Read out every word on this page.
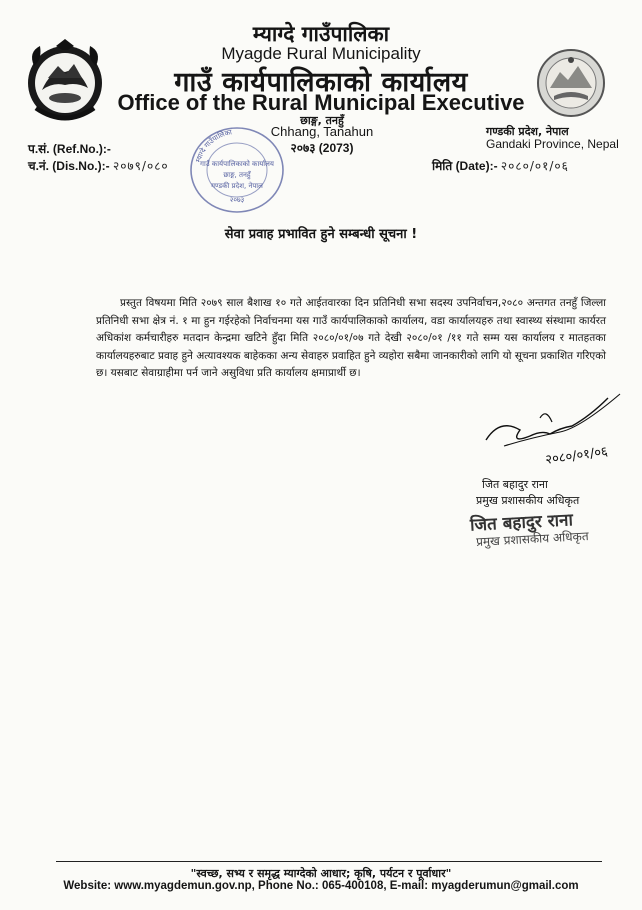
म्याग्दे गाउँपालिका
Myagde Rural Municipality
गाउँ कार्यपालिकाको कार्यालय
Office of the Rural Municipal Executive
छाङ्ग, तनहुँ
Chhang, Tanahun
२०७३ (2073)
गण्डकी प्रदेश, नेपाल
Gandaki Province, Nepal
म्याग्दे गाउँपालिका
गाउँ कार्यपालिकाको कार्यालय
छाङ्ग, तनहुँ
गण्डकी प्रदेश, नेपाल
२०७३
प.सं. (Ref.No.):-
च.नं. (Dis.No.):- २०७९/०८०	मिति (Date):- २०८०/०१/०६
सेवा प्रवाह प्रभावित हुने सम्बन्धी सूचना !
प्रस्तुत विषयमा मिति २०७९ साल बैशाख १० गते आईतवारका दिन प्रतिनिधी सभा सदस्य उपनिर्वाचन,२०८० अन्तगत तनहुँ जिल्ला प्रतिनिधी सभा क्षेत्र नं. १ मा हुन गईरहेको निर्वाचनमा यस गाउँ कार्यपालिकाको कार्यालय, वडा कार्यालयहरु तथा स्वास्थ्य संस्थामा कार्यरत अधिकांश कर्मचारीहरु मतदान केन्द्रमा खटिने हुँदा मिति २०८०/०१/०७ गते देखी २०८०/०१ /११ गते सम्म यस कार्यालय र मातहतका कार्यालयहरुबाट प्रवाह हुने अत्यावश्यक बाहेकका अन्य सेवाहरु प्रवाहित हुने व्यहोरा सबैमा जानकारीको लागि यो सूचना प्रकाशित गरिएको छ। यसबाट सेवाग्राहीमा पर्न जाने असुविधा प्रति कार्यालय क्षमाप्रार्थी छ।
२०८०/०१/०६
जित बहादुर राना
प्रमुख प्रशासकीय अधिकृत
जित बहादुर राना
प्रमुख प्रशासकीय अधिकृत
"स्वच्छ, सभ्य र समृद्ध म्याग्देको आधार; कृषि, पर्यटन र पूर्वाधार"
Website: www.myagdemun.gov.np, Phone No.: 065-400108, E-mail: myagderumun@gmail.com
